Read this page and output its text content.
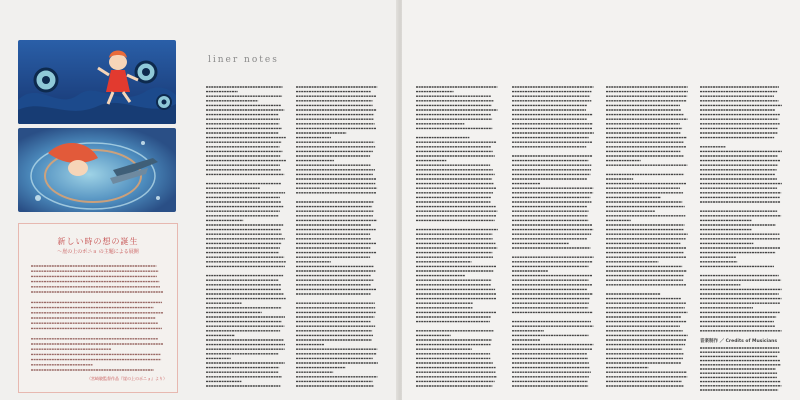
新しい時の想の誕生
〜崖の上のポニョ の主題による展開
（宮崎駿監督作品『崖の上のポニョ』より）
liner notes
音楽制作 ／ Credits of Musicians
